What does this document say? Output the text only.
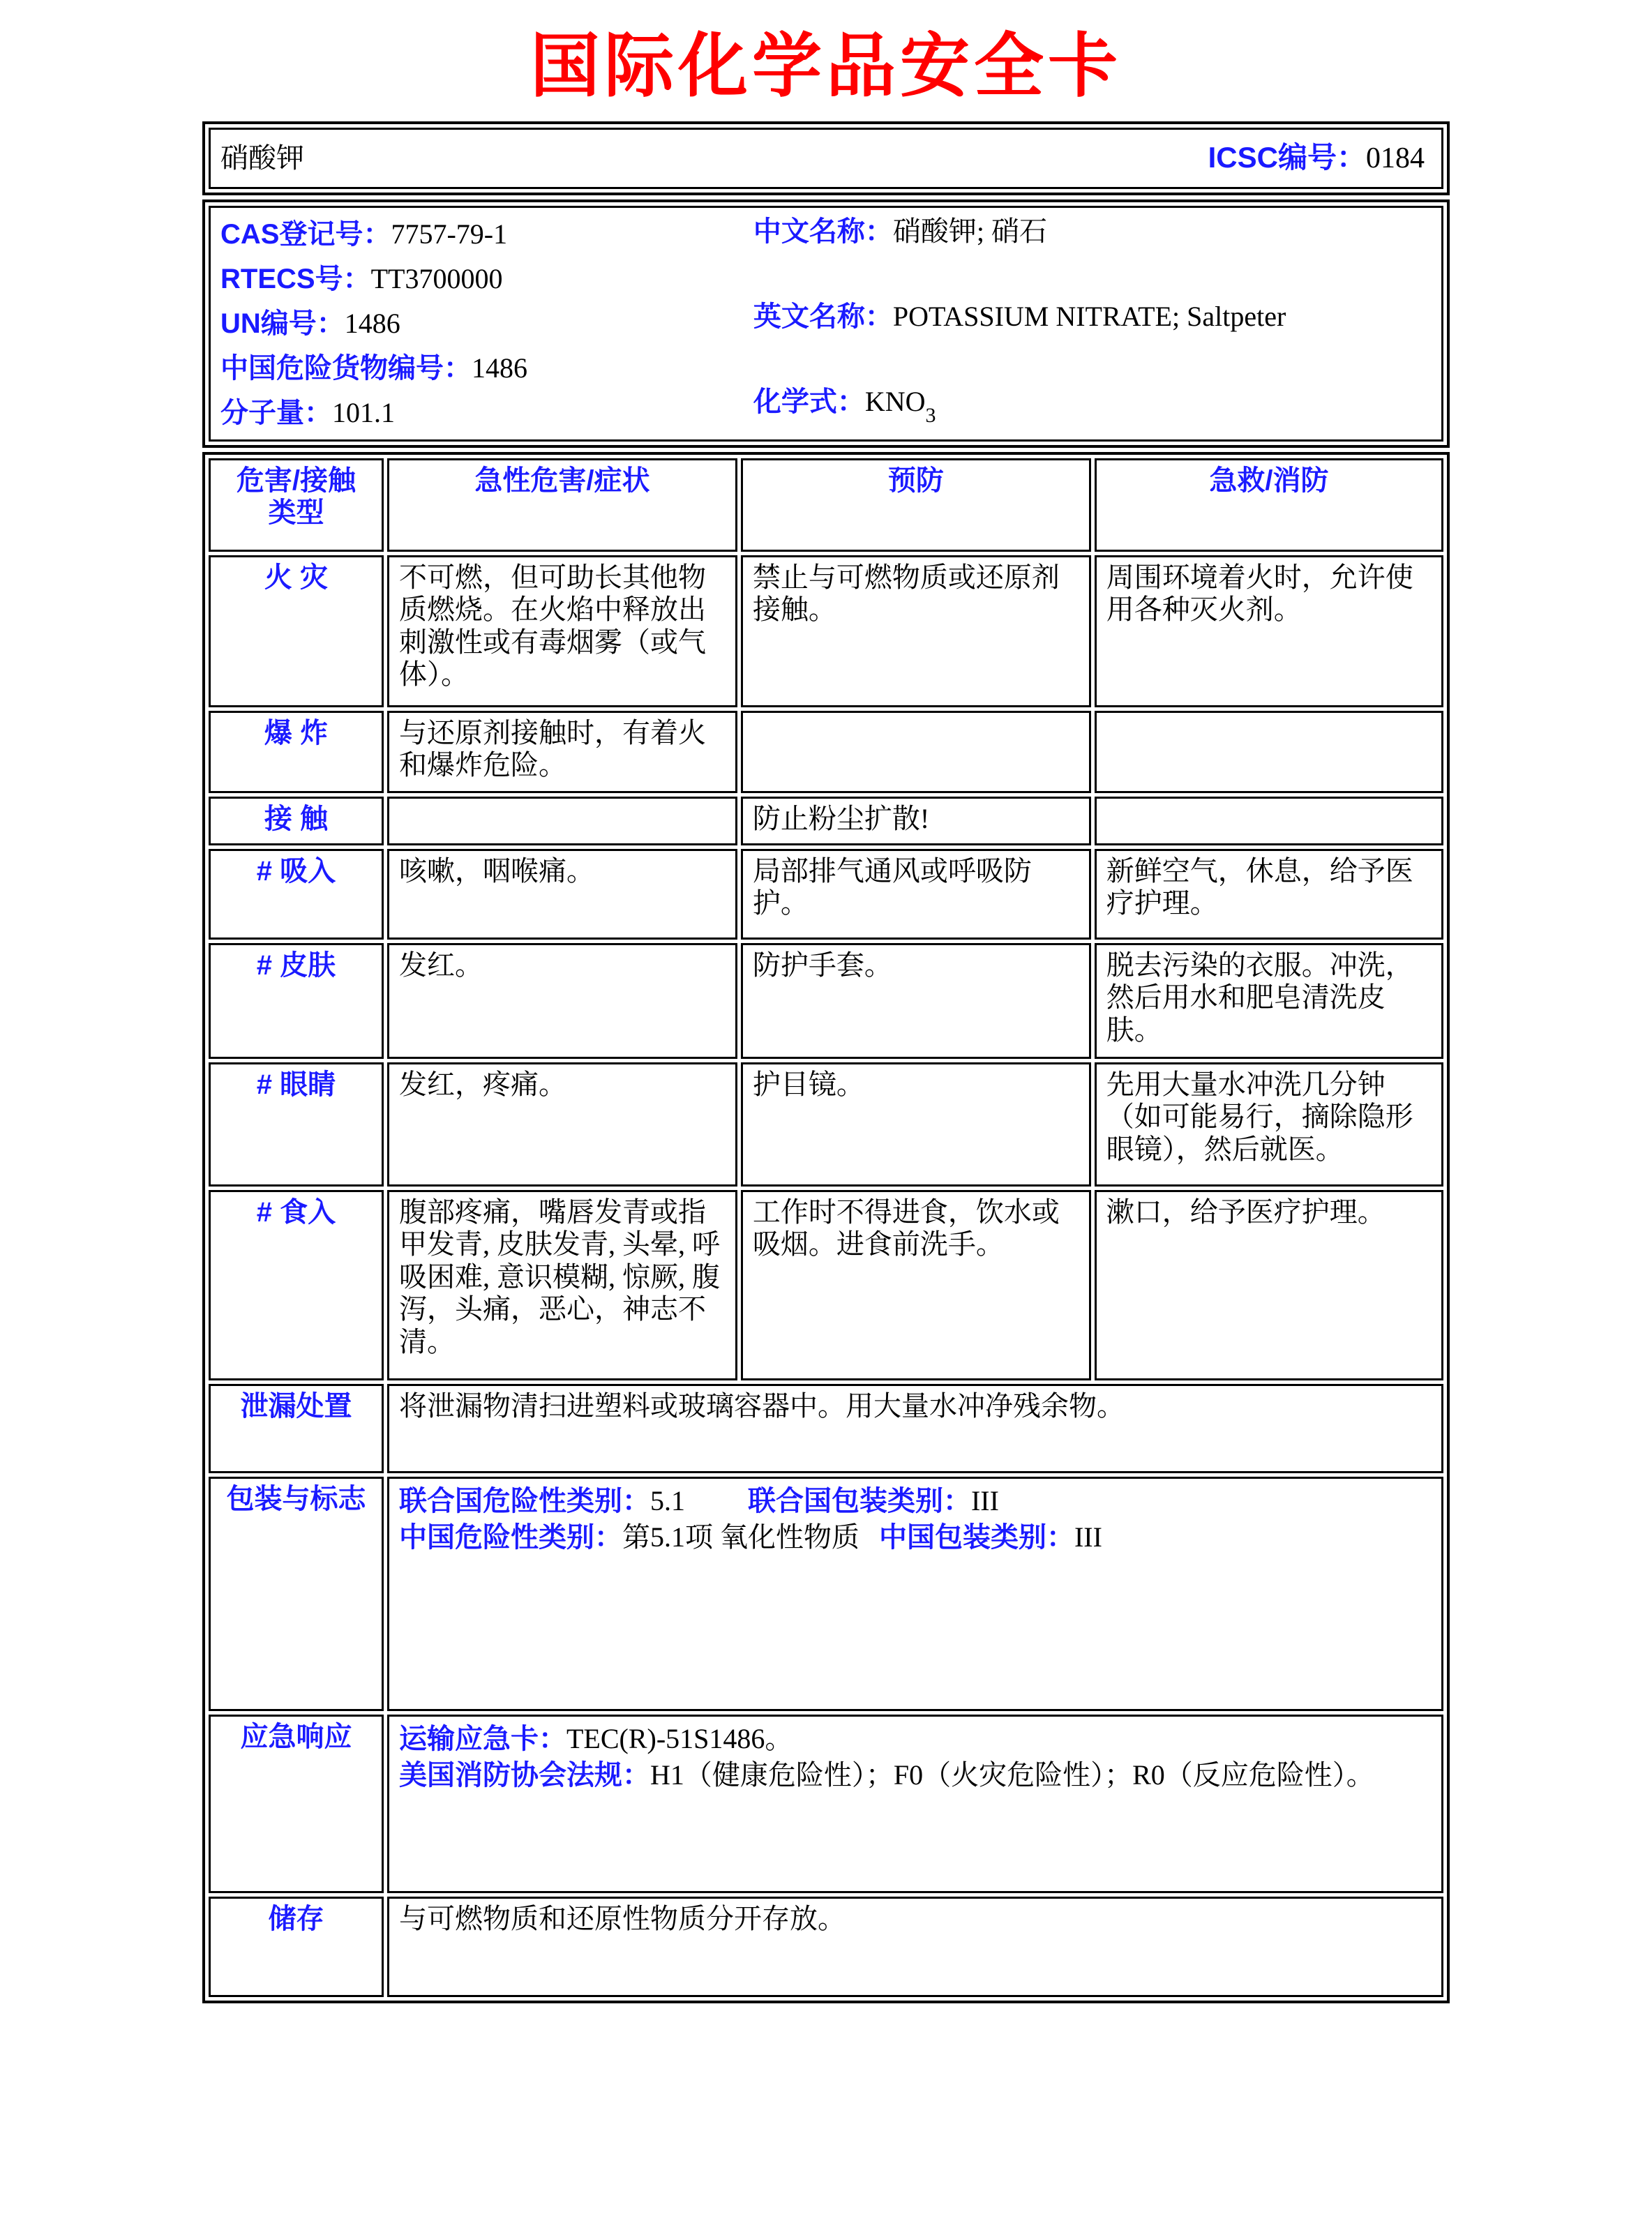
国际化学品安全卡
硝酸钾	ICSC编号：0184

CAS登记号：7757-79-1

RTECS号：TT3700000

UN编号：1486

中国危险货物编号：1486

分子量：101.1

中文名称：硝酸钾; 硝石

英文名称：POTASSIUM NITRATE; Saltpeter

化学式：$KNO_3$

危害/接触
类型	急性危害/症状	预防	急救/消防
火 灾	不可燃，但可助长其他物质燃烧。在火焰中释放出刺激性或有毒烟雾（或气体）。	禁止与可燃物质或还原剂接触。	周围环境着火时，允许使用各种灭火剂。
爆 炸	与还原剂接触时，有着火和爆炸危险。		
接 触		防止粉尘扩散!	
# 吸入	咳嗽，咽喉痛。	局部排气通风或呼吸防护。	新鲜空气，休息，给予医疗护理。
# 皮肤	发红。	防护手套。	脱去污染的衣服。冲洗，然后用水和肥皂清洗皮肤。
# 眼睛	发红，疼痛。	护目镜。	先用大量水冲洗几分钟（如可能易行，摘除隐形眼镜），然后就医。
# 食入	腹部疼痛，嘴唇发青或指甲发青, 皮肤发青, 头晕, 呼吸困难, 意识模糊, 惊厥, 腹泻，头痛，恶心，神志不清。	工作时不得进食，饮水或吸烟。进食前洗手。	漱口，给予医疗护理。
泄漏处置	将泄漏物清扫进塑料或玻璃容器中。用大量水冲净残余物。		
包装与标志	联合国危险性类别：5.1 联合国包装类别：III

中国危险性类别：第5.1项 氧化性物质 中国包装类别：III		

应急响应	运输应急卡：TEC(R)-51S1486。

美国消防协会法规：H1（健康危险性）；F0（火灾危险性）；R0（反应危险性）。		

储存	与可燃物质和还原性物质分开存放。		
